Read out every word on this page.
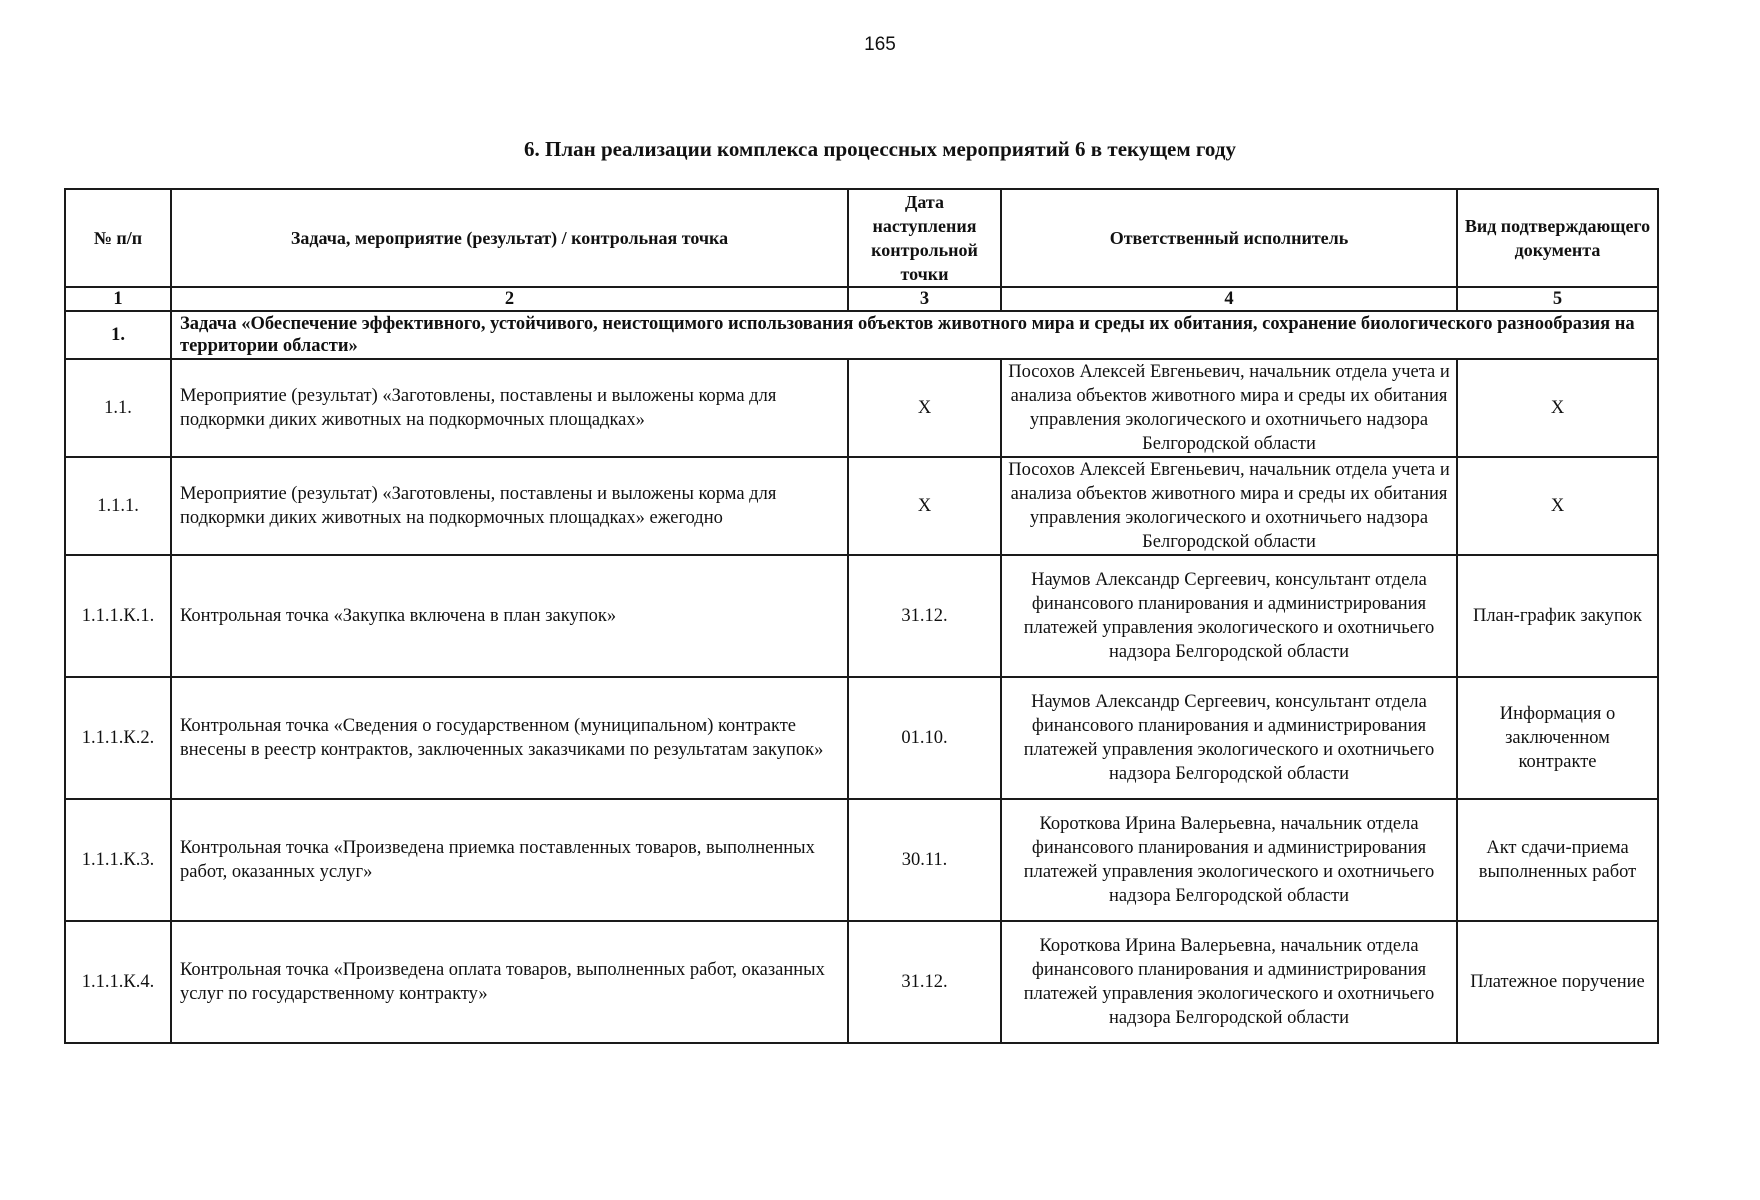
165
6. План реализации комплекса процессных мероприятий 6 в текущем году
№ п/п	Задача, мероприятие (результат) / контрольная точка	Дата наступления контрольной точки	Ответственный исполнитель	Вид подтверждающего документа
1	2	3	4	5
1.	Задача «Обеспечение эффективного, устойчивого, неистощимого использования объектов животного мира и среды их обитания, сохранение биологического разнообразия на территории области»			
1.1.	Мероприятие (результат) «Заготовлены, поставлены и выложены корма для подкормки диких животных на подкормочных площадках»	Х	Посохов Алексей Евгеньевич, начальник отдела учета и анализа объектов животного мира и среды их обитания управления экологического и охотничьего надзора Белгородской области	Х
1.1.1.	Мероприятие (результат) «Заготовлены, поставлены и выложены корма для подкормки диких животных на подкормочных площадках» ежегодно	Х	Посохов Алексей Евгеньевич, начальник отдела учета и анализа объектов животного мира и среды их обитания управления экологического и охотничьего надзора Белгородской области	Х
1.1.1.К.1.	Контрольная точка «Закупка включена в план закупок»	31.12.	Наумов Александр Сергеевич, консультант отдела финансового планирования и администрирования платежей управления экологического и охотничьего надзора Белгородской области	План-график закупок
1.1.1.К.2.	Контрольная точка «Сведения о государственном (муниципальном) контракте внесены в реестр контрактов, заключенных заказчиками по результатам закупок»	01.10.	Наумов Александр Сергеевич, консультант отдела финансового планирования и администрирования платежей управления экологического и охотничьего надзора Белгородской области	Информация о заключенном контракте
1.1.1.К.3.	Контрольная точка «Произведена приемка поставленных товаров, выполненных работ, оказанных услуг»	30.11.	Короткова Ирина Валерьевна, начальник отдела финансового планирования и администрирования платежей управления экологического и охотничьего надзора Белгородской области	Акт сдачи-приема выполненных работ
1.1.1.К.4.	Контрольная точка «Произведена оплата товаров, выполненных работ, оказанных услуг по государственному контракту»	31.12.	Короткова Ирина Валерьевна, начальник отдела финансового планирования и администрирования платежей управления экологического и охотничьего надзора Белгородской области	Платежное поручение
